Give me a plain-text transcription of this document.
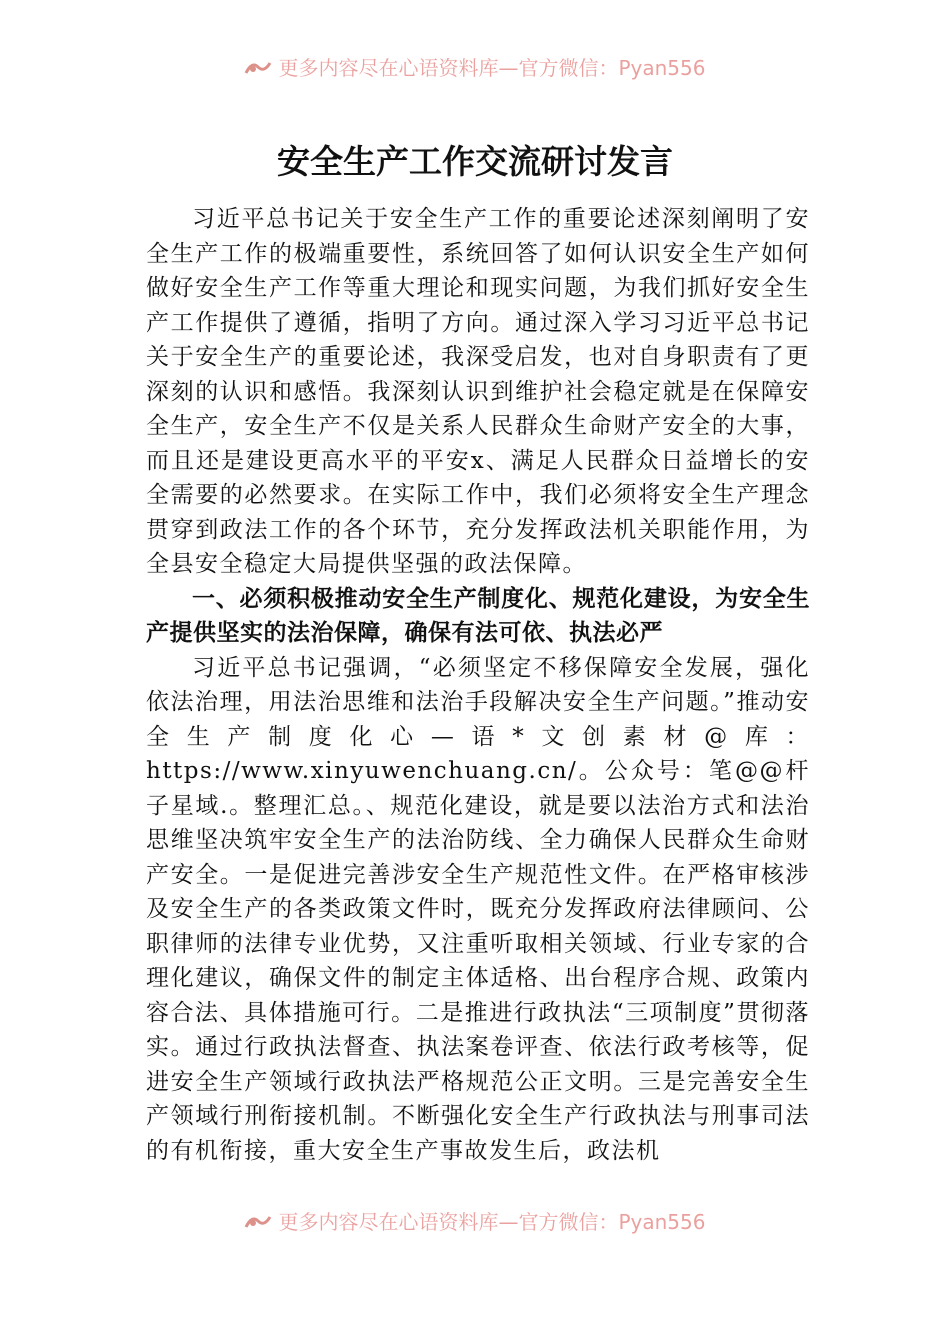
更多内容尽在心语资料库—官方微信：Pyan556
安全生产工作交流研讨发言

习近平总书记关于安全生产工作的重要论述深刻阐明了安全生产工作的极端重要性，系统回答了如何认识安全生产如何做好安全生产工作等重大理论和现实问题，为我们抓好安全生产工作提供了遵循，指明了方向。通过深入学习习近平总书记关于安全生产的重要论述，我深受启发，也对自身职责有了更深刻的认识和感悟。我深刻认识到维护社会稳定就是在保障安全生产，安全生产不仅是关系人民群众生命财产安全的大事，而且还是建设更高水平的平安x、满足人民群众日益增长的安全需要的必然要求。在实际工作中，我们必须将安全生产理念贯穿到政法工作的各个环节，充分发挥政法机关职能作用，为全县安全稳定大局提供坚强的政法保障。

一、必须积极推动安全生产制度化、规范化建设，为安全生产提供坚实的法治保障，确保有法可依、执法必严

习近平总书记强调，“必须坚定不移保障安全发展，强化依法治理，用法治思维和法治手段解决安全生产问题。”推动安全生产制度化心—语*文创素材@库：https://www.xinyuwenchuang.cn/。公众号：笔@@杆子星域.。整理汇总。、规范化建设，就是要以法治方式和法治思维坚决筑牢安全生产的法治防线、全力确保人民群众生命财产安全。一是促进完善涉安全生产规范性文件。在严格审核涉及安全生产的各类政策文件时，既充分发挥政府法律顾问、公职律师的法律专业优势，又注重听取相关领域、行业专家的合理化建议，确保文件的制定主体适格、出台程序合规、政策内容合法、具体措施可行。二是推进行政执法“三项制度”贯彻落实。通过行政执法督查、执法案卷评查、依法行政考核等，促进安全生产领域行政执法严格规范公正文明。三是完善安全生产领域行刑衔接机制。不断强化安全生产行政执法与刑事司法的有机衔接，重大安全生产事故发生后，政法机

更多内容尽在心语资料库—官方微信：Pyan556
